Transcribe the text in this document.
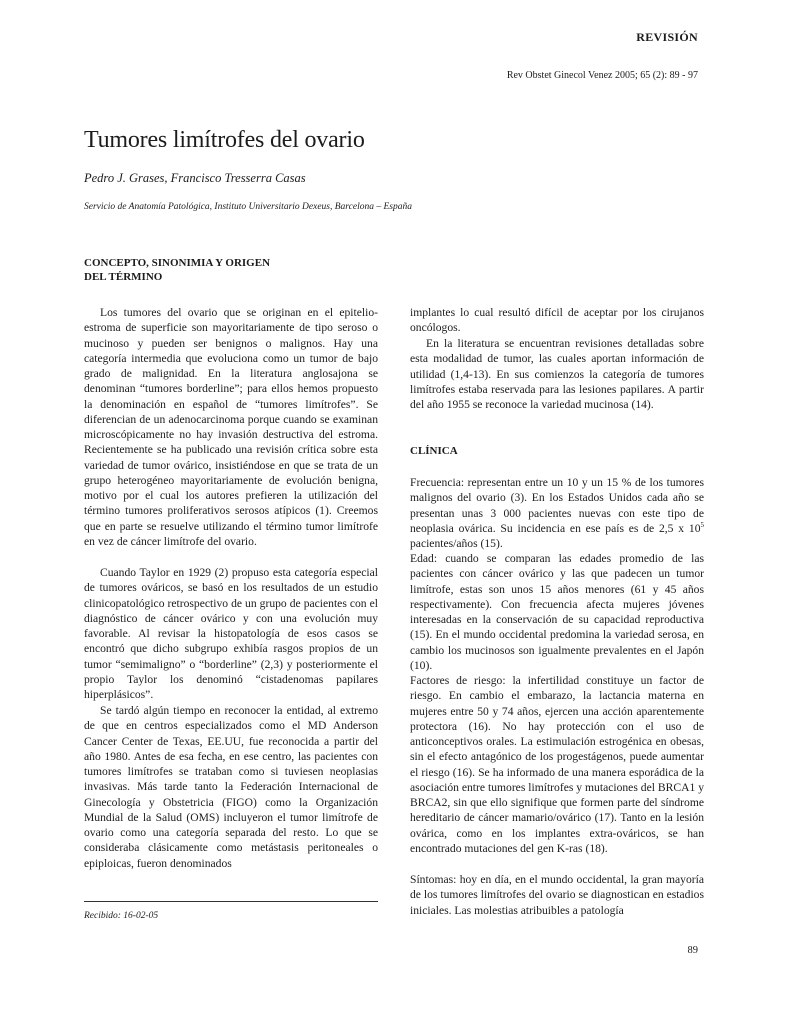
REVISIÓN
Rev Obstet Ginecol Venez 2005; 65 (2): 89 - 97
Tumores limítrofes del ovario
Pedro J. Grases, Francisco Tresserra Casas
Servicio de Anatomía Patológica, Instituto Universitario Dexeus, Barcelona – España

CONCEPTO, SINONIMIA Y ORIGEN
DEL TÉRMINO

Los tumores del ovario que se originan en el epitelio-estroma de superficie son mayoritariamente de tipo seroso o mucinoso y pueden ser benignos o malignos. Hay una categoría intermedia que evoluciona como un tumor de bajo grado de malignidad. En la literatura anglosajona se denominan “tumores borderline”; para ellos hemos propuesto la denominación en español de “tumores limítrofes”. Se diferencian de un adenocarcinoma porque cuando se examinan microscópicamente no hay invasión destructiva del estroma. Recientemente se ha publicado una revisión crítica sobre esta variedad de tumor ovárico, insistiéndose en que se trata de un grupo heterogéneo mayoritariamente de evolución benigna, motivo por el cual los autores prefieren la utilización del término tumores proliferativos serosos atípicos (1). Creemos que en parte se resuelve utilizando el término tumor limítrofe en vez de cáncer limítrofe del ovario.

Cuando Taylor en 1929 (2) propuso esta categoría especial de tumores ováricos, se basó en los resultados de un estudio clinicopatológico retrospectivo de un grupo de pacientes con el diagnóstico de cáncer ovárico y con una evolución muy favorable. Al revisar la histopatología de esos casos se encontró que dicho subgrupo exhibía rasgos propios de un tumor “semimaligno” o “borderline” (2,3) y posteriormente el propio Taylor los denominó “cistadenomas papilares hiperplásicos”.

Se tardó algún tiempo en reconocer la entidad, al extremo de que en centros especializados como el MD Anderson Cancer Center de Texas, EE.UU, fue reconocida a partir del año 1980. Antes de esa fecha, en ese centro, las pacientes con tumores limítrofes se trataban como si tuviesen neoplasias invasivas. Más tarde tanto la Federación Internacional de Ginecología y Obstetricia (FIGO) como la Organización Mundial de la Salud (OMS) incluyeron el tumor limítrofe de ovario como una categoría separada del resto. Lo que se consideraba clásicamente como metástasis peritoneales o epiploicas, fueron denominados

implantes lo cual resultó difícil de aceptar por los cirujanos oncólogos.

En la literatura se encuentran revisiones detalladas sobre esta modalidad de tumor, las cuales aportan información de utilidad (1,4-13). En sus comienzos la categoría de tumores limítrofes estaba reservada para las lesiones papilares. A partir del año 1955 se reconoce la variedad mucinosa (14).

CLÍNICA

Frecuencia: representan entre un 10 y un 15 % de los tumores malignos del ovario (3). En los Estados Unidos cada año se presentan unas 3 000 pacientes nuevas con este tipo de neoplasia ovárica. Su incidencia en ese país es de 2,5 x $10^5$ pacientes/años (15).

Edad: cuando se comparan las edades promedio de las pacientes con cáncer ovárico y las que padecen un tumor limítrofe, estas son unos 15 años menores (61 y 45 años respectivamente). Con frecuencia afecta mujeres jóvenes interesadas en la conservación de su capacidad reproductiva (15). En el mundo occidental predomina la variedad serosa, en cambio los mucinosos son igualmente prevalentes en el Japón (10).

Factores de riesgo: la infertilidad constituye un factor de riesgo. En cambio el embarazo, la lactancia materna en mujeres entre 50 y 74 años, ejercen una acción aparentemente protectora (16). No hay protección con el uso de anticonceptivos orales. La estimulación estrogénica en obesas, sin el efecto antagónico de los progestágenos, puede aumentar el riesgo (16). Se ha informado de una manera esporádica de la asociación entre tumores limítrofes y mutaciones del BRCA1 y BRCA2, sin que ello signifique que formen parte del síndrome hereditario de cáncer mamario/ovárico (17). Tanto en la lesión ovárica, como en los implantes extra-ováricos, se han encontrado mutaciones del gen K-ras (18).

Síntomas: hoy en día, en el mundo occidental, la gran mayoría de los tumores limítrofes del ovario se diagnostican en estadios iniciales. Las molestias atribuibles a patología

Recibido: 16-02-05
89
